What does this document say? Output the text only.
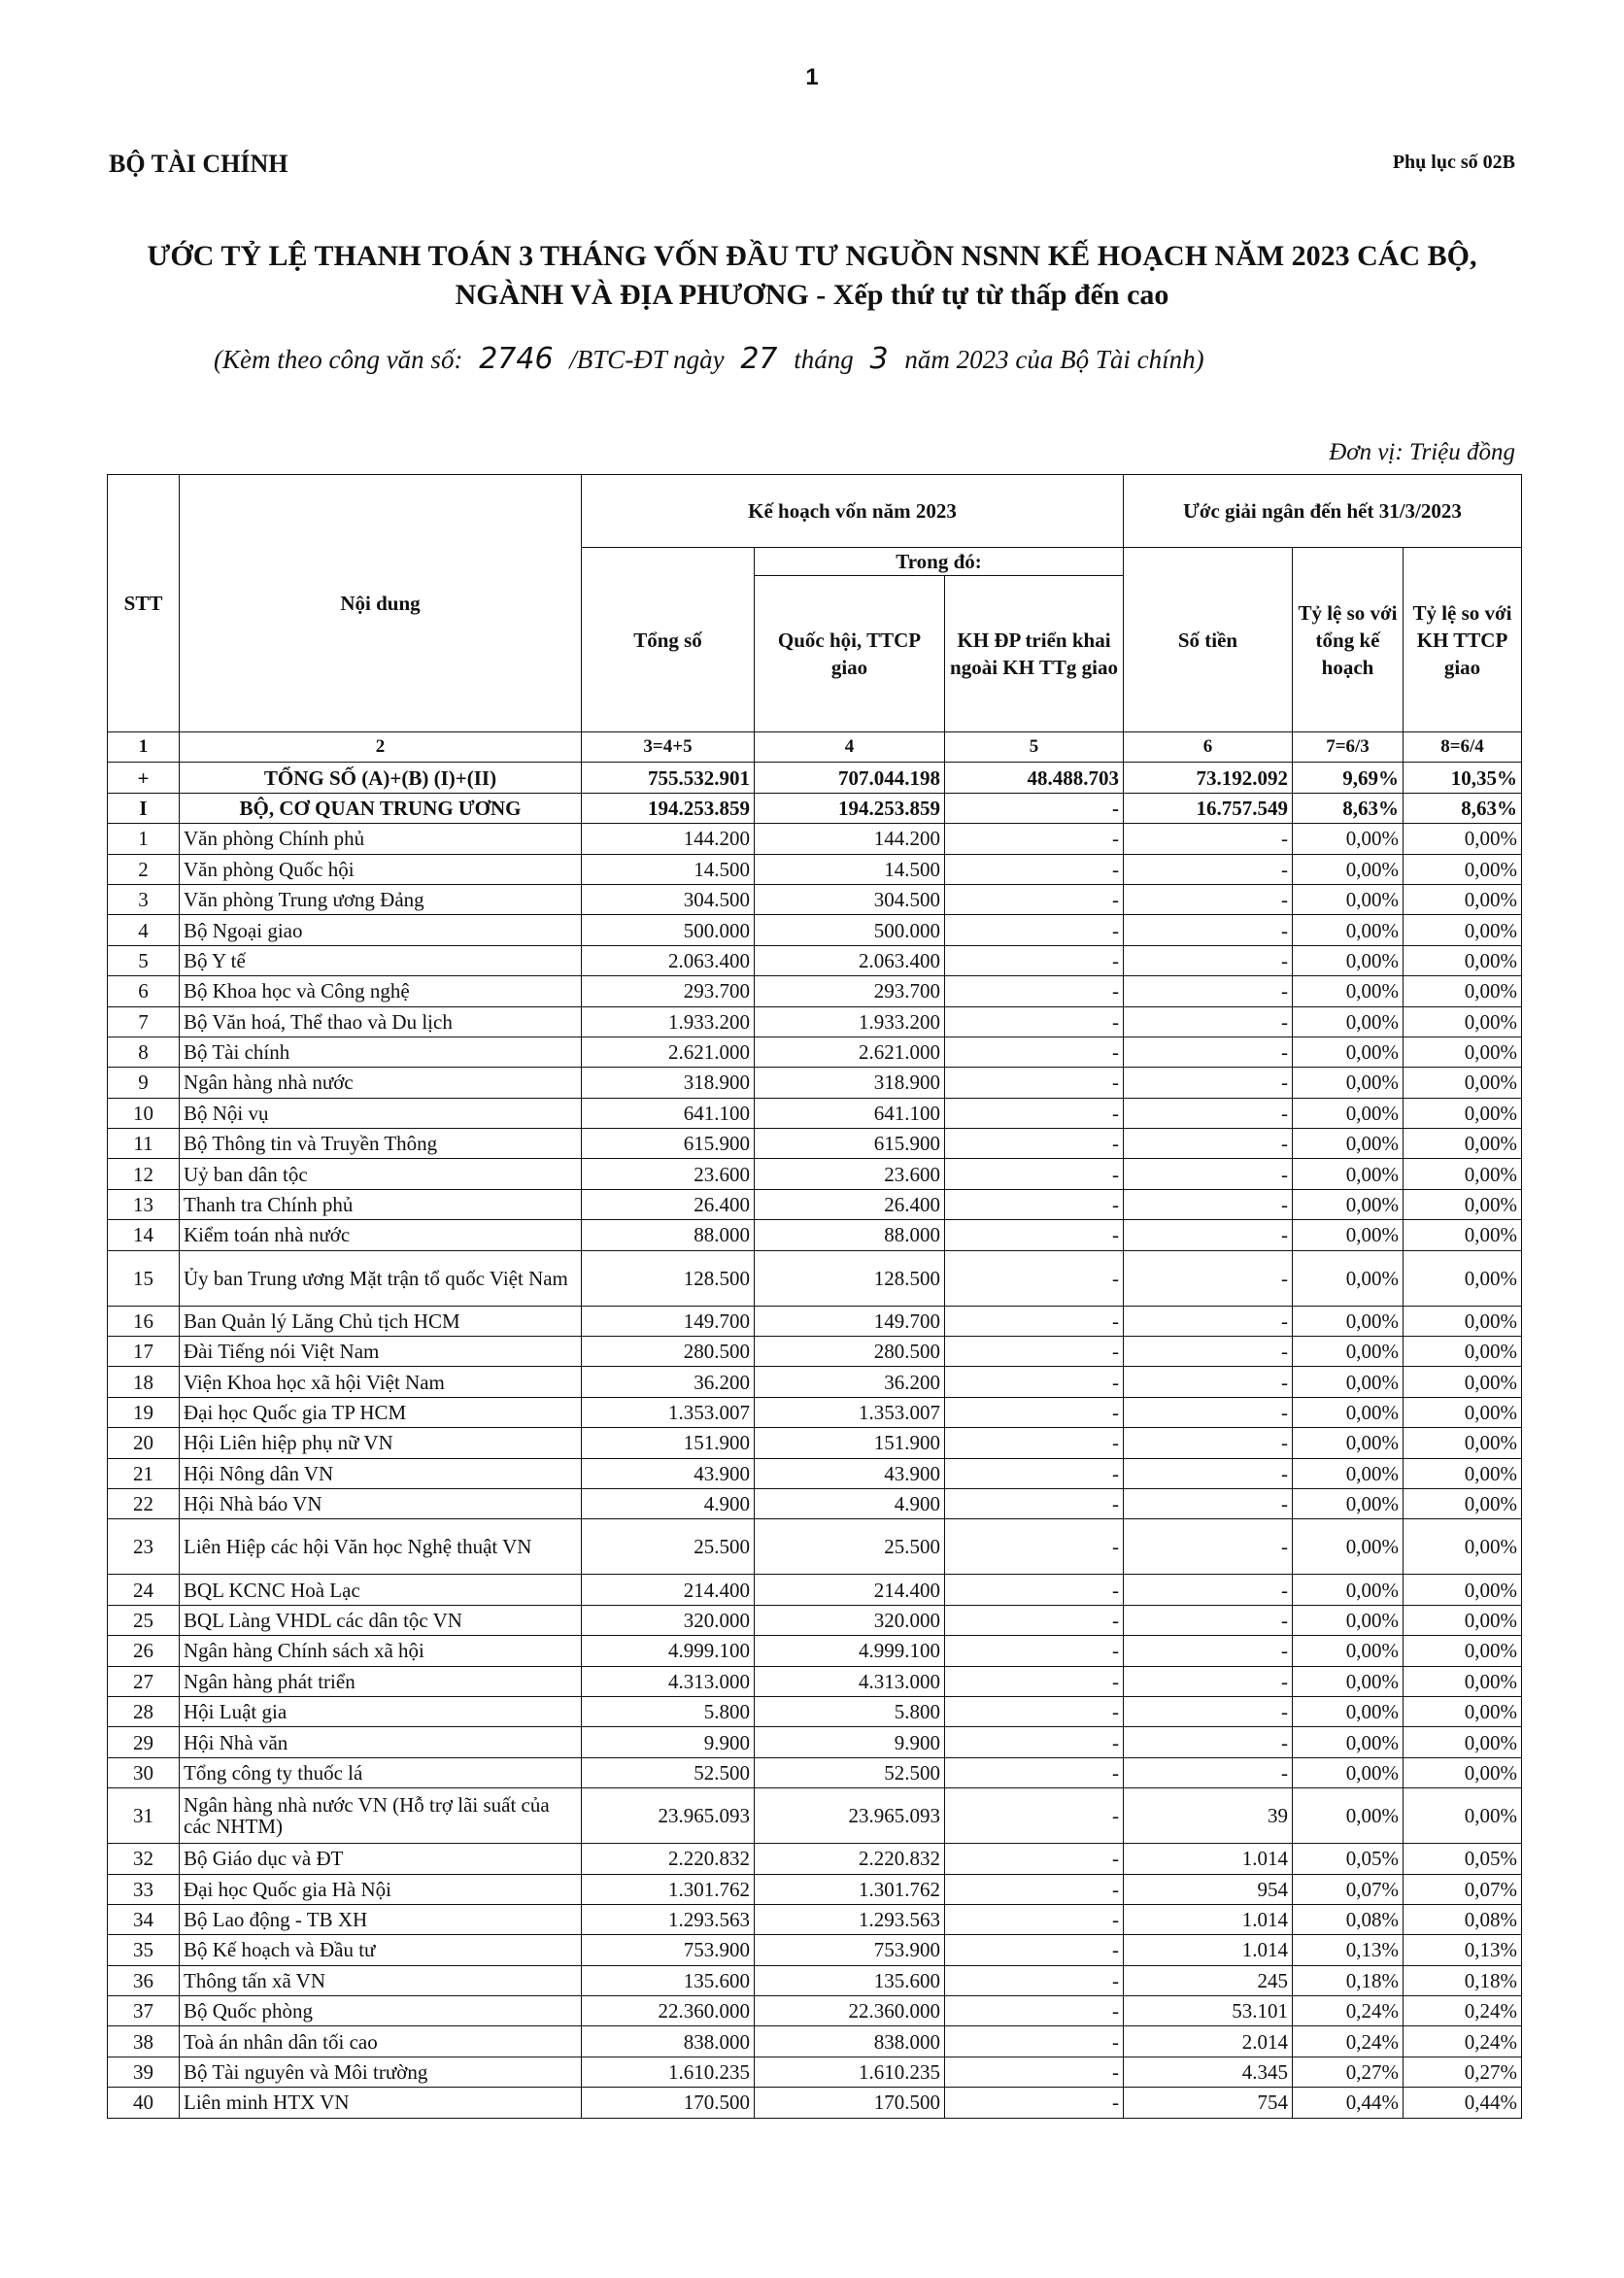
1
BỘ TÀI CHÍNH	Phụ lục số 02B
ƯỚC TỶ LỆ THANH TOÁN 3 THÁNG VỐN ĐẦU TƯ NGUỒN NSNN KẾ HOẠCH NĂM 2023 CÁC BỘ,
NGÀNH VÀ ĐỊA PHƯƠNG - Xếp thứ tự từ thấp đến cao
(Kèm theo công văn số: 2746 /BTC-ĐT ngày 27 tháng 3 năm 2023 của Bộ Tài chính)
Đơn vị: Triệu đồng
STT	Nội dung	Kế hoạch vốn năm 2023			Ước giải ngân đến hết 31/3/2023		
		Tổng số	Trong đó:		Số tiền	Tỷ lệ so với tổng kế hoạch	Tỷ lệ so với KH TTCP giao
			Quốc hội, TTCP giao	KH ĐP triển khai ngoài KH TTg giao			
1	2	3=4+5	4	5	6	7=6/3	8=6/4
+	TỔNG SỐ (A)+(B) (I)+(II)	755.532.901	707.044.198	48.488.703	73.192.092	9,69%	10,35%
I	BỘ, CƠ QUAN TRUNG ƯƠNG	194.253.859	194.253.859	-	16.757.549	8,63%	8,63%
1	Văn phòng Chính phủ	144.200	144.200	-	-	0,00%	0,00%
2	Văn phòng Quốc hội	14.500	14.500	-	-	0,00%	0,00%
3	Văn phòng Trung ương Đảng	304.500	304.500	-	-	0,00%	0,00%
4	Bộ Ngoại giao	500.000	500.000	-	-	0,00%	0,00%
5	Bộ Y tế	2.063.400	2.063.400	-	-	0,00%	0,00%
6	Bộ Khoa học và Công nghệ	293.700	293.700	-	-	0,00%	0,00%
7	Bộ Văn hoá, Thể thao và Du lịch	1.933.200	1.933.200	-	-	0,00%	0,00%
8	Bộ Tài chính	2.621.000	2.621.000	-	-	0,00%	0,00%
9	Ngân hàng nhà nước	318.900	318.900	-	-	0,00%	0,00%
10	Bộ Nội vụ	641.100	641.100	-	-	0,00%	0,00%
11	Bộ Thông tin và Truyền Thông	615.900	615.900	-	-	0,00%	0,00%
12	Uỷ ban dân tộc	23.600	23.600	-	-	0,00%	0,00%
13	Thanh tra Chính phủ	26.400	26.400	-	-	0,00%	0,00%
14	Kiểm toán nhà nước	88.000	88.000	-	-	0,00%	0,00%
15	Ủy ban Trung ương Mặt trận tổ quốc Việt Nam	128.500	128.500	-	-	0,00%	0,00%
16	Ban Quản lý Lăng Chủ tịch HCM	149.700	149.700	-	-	0,00%	0,00%
17	Đài Tiếng nói Việt Nam	280.500	280.500	-	-	0,00%	0,00%
18	Viện Khoa học xã hội Việt Nam	36.200	36.200	-	-	0,00%	0,00%
19	Đại học Quốc gia TP HCM	1.353.007	1.353.007	-	-	0,00%	0,00%
20	Hội Liên hiệp phụ nữ VN	151.900	151.900	-	-	0,00%	0,00%
21	Hội Nông dân VN	43.900	43.900	-	-	0,00%	0,00%
22	Hội Nhà báo VN	4.900	4.900	-	-	0,00%	0,00%
23	Liên Hiệp các hội Văn học Nghệ thuật VN	25.500	25.500	-	-	0,00%	0,00%
24	BQL KCNC Hoà Lạc	214.400	214.400	-	-	0,00%	0,00%
25	BQL Làng VHDL các dân tộc VN	320.000	320.000	-	-	0,00%	0,00%
26	Ngân hàng Chính sách xã hội	4.999.100	4.999.100	-	-	0,00%	0,00%
27	Ngân hàng phát triển	4.313.000	4.313.000	-	-	0,00%	0,00%
28	Hội Luật gia	5.800	5.800	-	-	0,00%	0,00%
29	Hội Nhà văn	9.900	9.900	-	-	0,00%	0,00%
30	Tổng công ty thuốc lá	52.500	52.500	-	-	0,00%	0,00%
31	Ngân hàng nhà nước VN (Hỗ trợ lãi suất của các NHTM)	23.965.093	23.965.093	-	39	0,00%	0,00%
32	Bộ Giáo dục và ĐT	2.220.832	2.220.832	-	1.014	0,05%	0,05%
33	Đại học Quốc gia Hà Nội	1.301.762	1.301.762	-	954	0,07%	0,07%
34	Bộ Lao động - TB XH	1.293.563	1.293.563	-	1.014	0,08%	0,08%
35	Bộ Kế hoạch và Đầu tư	753.900	753.900	-	1.014	0,13%	0,13%
36	Thông tấn xã VN	135.600	135.600	-	245	0,18%	0,18%
37	Bộ Quốc phòng	22.360.000	22.360.000	-	53.101	0,24%	0,24%
38	Toà án nhân dân tối cao	838.000	838.000	-	2.014	0,24%	0,24%
39	Bộ Tài nguyên và Môi trường	1.610.235	1.610.235	-	4.345	0,27%	0,27%
40	Liên minh HTX VN	170.500	170.500	-	754	0,44%	0,44%
